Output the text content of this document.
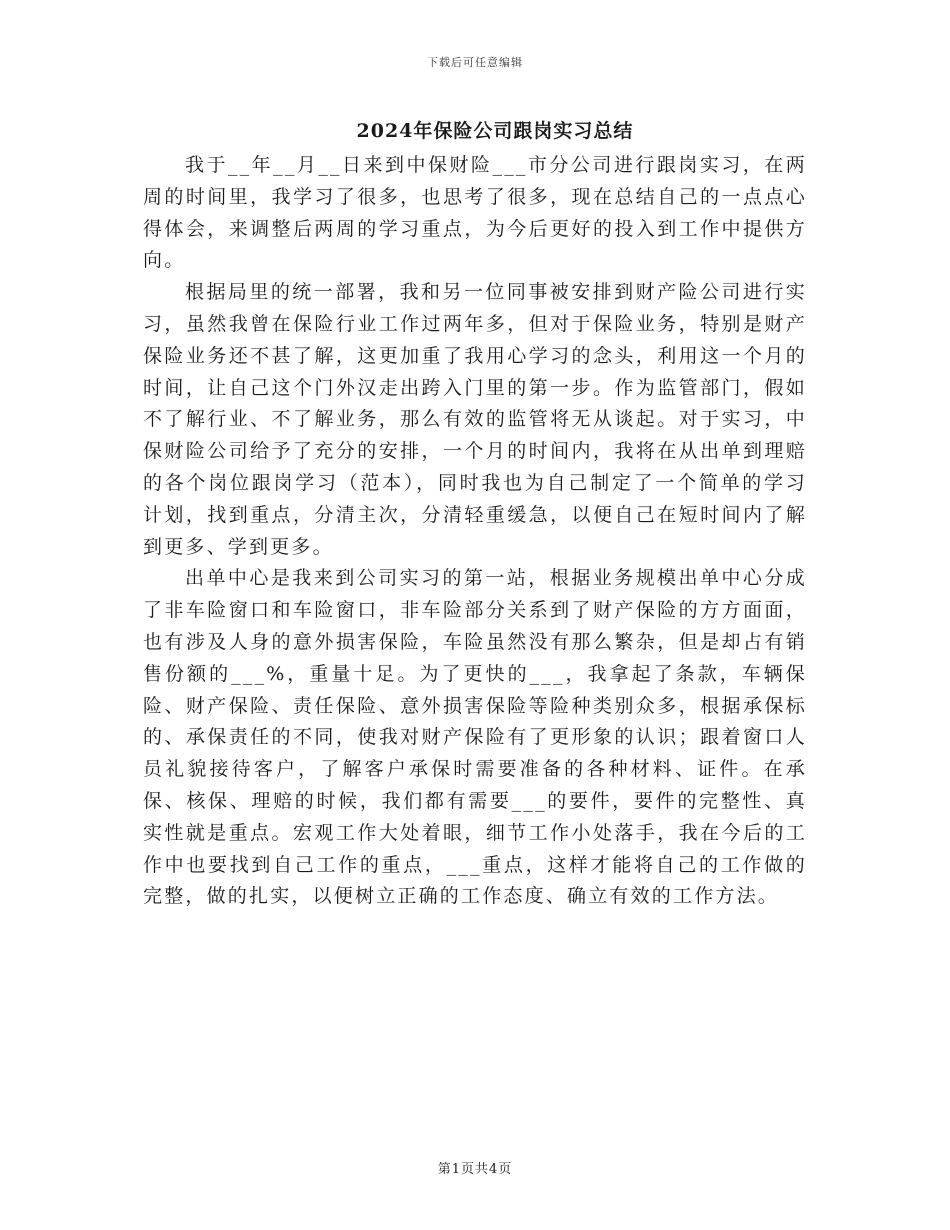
下载后可任意编辑
2024年保险公司跟岗实习总结

我于__年__月__日来到中保财险___市分公司进行跟岗实习，在两周的时间里，我学习了很多，也思考了很多，现在总结自己的一点点心得体会，来调整后两周的学习重点，为今后更好的投入到工作中提供方向。

根据局里的统一部署，我和另一位同事被安排到财产险公司进行实习，虽然我曾在保险行业工作过两年多，但对于保险业务，特别是财产保险业务还不甚了解，这更加重了我用心学习的念头，利用这一个月的时间，让自己这个门外汉走出跨入门里的第一步。作为监管部门，假如不了解行业、不了解业务，那么有效的监管将无从谈起。对于实习，中保财险公司给予了充分的安排，一个月的时间内，我将在从出单到理赔的各个岗位跟岗学习（范本），同时我也为自己制定了一个简单的学习计划，找到重点，分清主次，分清轻重缓急，以便自己在短时间内了解到更多、学到更多。

出单中心是我来到公司实习的第一站，根据业务规模出单中心分成了非车险窗口和车险窗口，非车险部分关系到了财产保险的方方面面，也有涉及人身的意外损害保险，车险虽然没有那么繁杂，但是却占有销售份额的___%，重量十足。为了更快的___，我拿起了条款，车辆保险、财产保险、责任保险、意外损害保险等险种类别众多，根据承保标的、承保责任的不同，使我对财产保险有了更形象的认识；跟着窗口人员礼貌接待客户，了解客户承保时需要准备的各种材料、证件。在承保、核保、理赔的时候，我们都有需要___的要件，要件的完整性、真实性就是重点。宏观工作大处着眼，细节工作小处落手，我在今后的工作中也要找到自己工作的重点，___重点，这样才能将自己的工作做的完整，做的扎实，以便树立正确的工作态度、确立有效的工作方法。

第1页共4页
